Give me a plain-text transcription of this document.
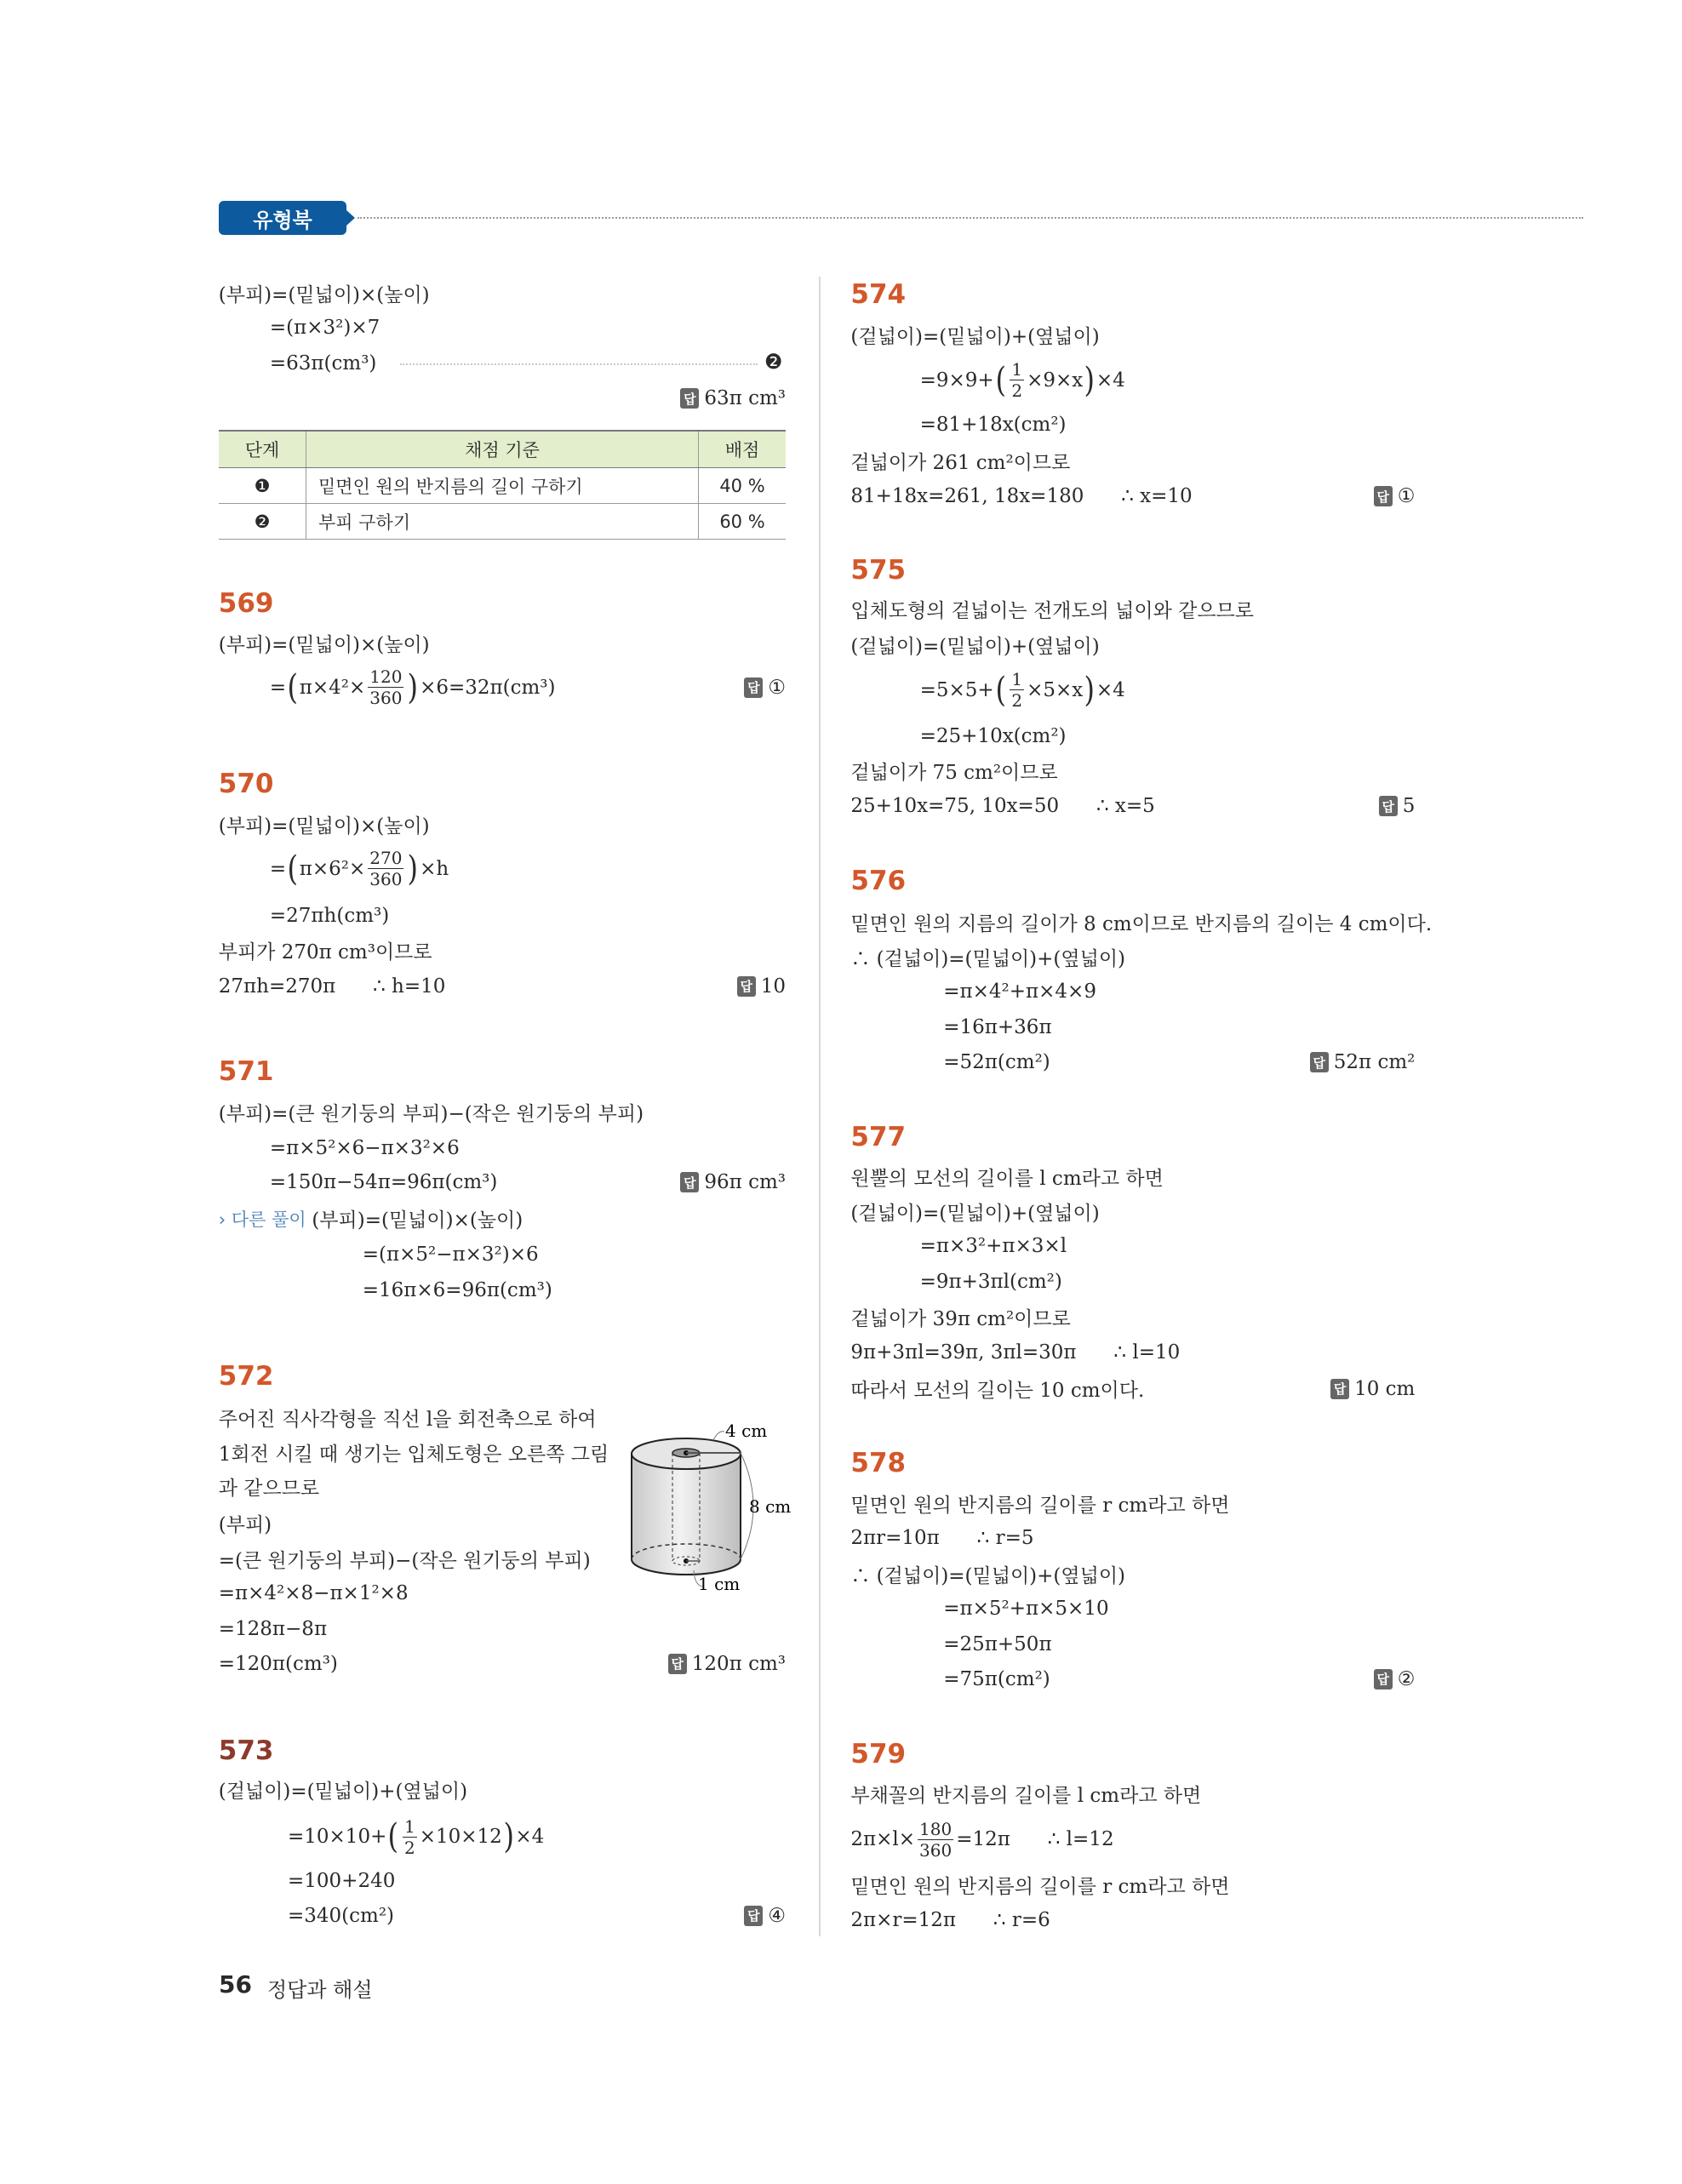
유형북
단계	채점 기준	배점
❶	밑면인 원의 반지름의 길이 구하기	40 %
❷	부피 구하기	60 %
4 cm
8 cm
1 cm
56 정답과 해설
(부피)=(밑넓이)×(높이)
=(π×3²)×7
=63π(cm³)	❷
답 63π cm³
569
(부피)=(밑넓이)×(높이)
= ( $\pi\times 4^2\times \frac{120}{360}$ ) ×6=32π(cm³)	답 ①
570
(부피)=(밑넓이)×(높이)
= ( $\pi\times 6^2\times \frac{270}{360}$ ) ×h
=27πh(cm³)
부피가 270π cm³이므로
27πh=270π      ∴ h=10	답 10
571
(부피)=(큰 원기둥의 부피)−(작은 원기둥의 부피)
=π×5²×6−π×3²×6
=150π−54π=96π(cm³)
› 다른 풀이 (부피)=(밑넓이)×(높이)
=(π×5²−π×3²)×6
=16π×6=96π(cm³)
답 96π cm³
572
주어진 직사각형을 직선 l을 회전축으로 하여
1회전 시킬 때 생기는 입체도형은 오른쪽 그림
과 같으므로
(부피)
=(큰 원기둥의 부피)−(작은 원기둥의 부피)
=π×4²×8−π×1²×8
=128π−8π
=120π(cm³)	답 120π cm³
573
(겉넓이)=(밑넓이)+(옆넓이)
=10×10+ ( $\frac{1}{2} \times 10\times 12$ ) ×4
=100+240
=340(cm²)	답 ④
574
(겉넓이)=(밑넓이)+(옆넓이)
=9×9+ ( $\frac{1}{2} \times 9\times x$ ) ×4
=81+18x(cm²)
겉넓이가 261 cm²이므로
81+18x=261, 18x=180      ∴ x=10	답 ①
575
입체도형의 겉넓이는 전개도의 넓이와 같으므로
(겉넓이)=(밑넓이)+(옆넓이)
=5×5+ ( $\frac{1}{2} \times 5\times x$ ) ×4
=25+10x(cm²)
겉넓이가 75 cm²이므로
25+10x=75, 10x=50      ∴ x=5	답 5
576
밑면인 원의 지름의 길이가 8 cm이므로 반지름의 길이는 4 cm이다.
∴ (겉넓이)=(밑넓이)+(옆넓이)
=π×4²+π×4×9
=16π+36π
=52π(cm²)	답 52π cm²
577
원뿔의 모선의 길이를 l cm라고 하면
(겉넓이)=(밑넓이)+(옆넓이)
=π×3²+π×3×l
=9π+3πl(cm²)
겉넓이가 39π cm²이므로
9π+3πl=39π, 3πl=30π      ∴ l=10
따라서 모선의 길이는 10 cm이다.	답 10 cm
578
밑면인 원의 반지름의 길이를 r cm라고 하면
2πr=10π      ∴ r=5
∴ (겉넓이)=(밑넓이)+(옆넓이)
=π×5²+π×5×10
=25π+50π
=75π(cm²)	답 ②
579
부채꼴의 반지름의 길이를 l cm라고 하면
$2\pi\times l\times \frac{180}{360} =12\pi$      ∴ l=12
밑면인 원의 반지름의 길이를 r cm라고 하면
2π×r=12π      ∴ r=6
